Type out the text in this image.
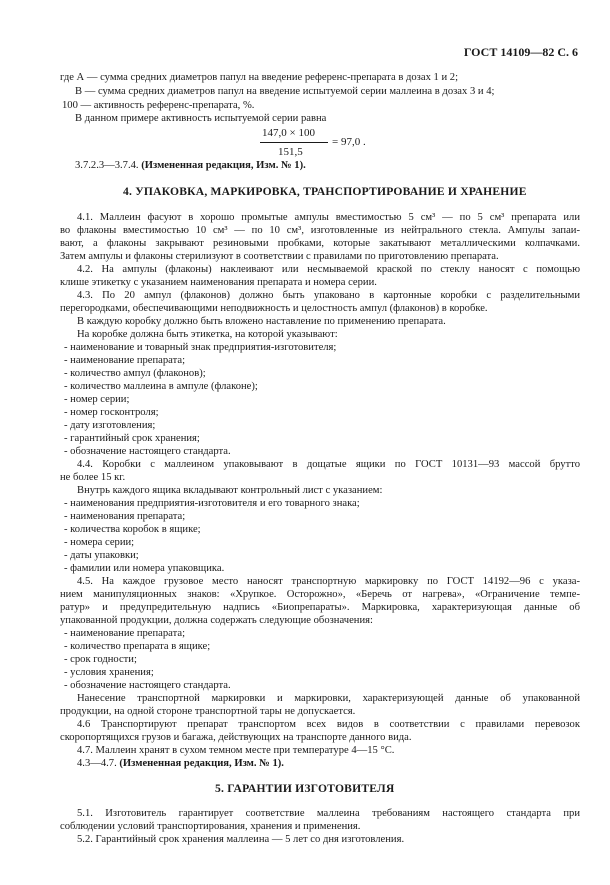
ГОСТ 14109—82 С. 6
где А — сумма средних диаметров папул на введение референс-препарата в дозах 1 и 2;
В — сумма средних диаметров папул на введение испытуемой серии маллеина в дозах 3 и 4;
100 — активность референс-препарата, %.
В данном примере активность испытуемой серии равна
147,0 × 100
151,5
= 97,0 .
3.7.2.3—3.7.4. (Измененная редакция, Изм. № 1).
4. УПАКОВКА, МАРКИРОВКА, ТРАНСПОРТИРОВАНИЕ И ХРАНЕНИЕ
4.1. Маллеин фасуют в хорошо промытые ампулы вместимостью 5 см³ — по 5 см³ препарата или
во флаконы вместимостью 10 см³ — по 10 см³, изготовленные из нейтрального стекла. Ампулы запаи-
вают, а флаконы закрывают резиновыми пробками, которые закатывают металлическими колпачками.
Затем ампулы и флаконы стерилизуют в соответствии с правилами по приготовлению препарата.
4.2. На ампулы (флаконы) наклеивают или несмываемой краской по стеклу наносят с помощью
клише этикетку с указанием наименования препарата и номера серии.
4.3. По 20 ампул (флаконов) должно быть упаковано в картонные коробки с разделительными
перегородками, обеспечивающими неподвижность и целостность ампул (флаконов) в коробке.
В каждую коробку должно быть вложено наставление по применению препарата.
На коробке должна быть этикетка, на которой указывают:
- наименование и товарный знак предприятия-изготовителя;
- наименование препарата;
- количество ампул (флаконов);
- количество маллеина в ампуле (флаконе);
- номер серии;
- номер госконтроля;
- дату изготовления;
- гарантийный срок хранения;
- обозначение настоящего стандарта.
4.4. Коробки с маллеином упаковывают в дощатые ящики по ГОСТ 10131—93 массой брутто
не более 15 кг.
Внутрь каждого ящика вкладывают контрольный лист с указанием:
- наименования предприятия-изготовителя и его товарного знака;
- наименования препарата;
- количества коробок в ящике;
- номера серии;
- даты упаковки;
- фамилии или номера упаковщика.
4.5. На каждое грузовое место наносят транспортную маркировку по ГОСТ 14192—96 с указа-
нием манипуляционных знаков: «Хрупкое. Осторожно», «Беречь от нагрева», «Ограничение темпе-
ратур» и предупредительную надпись «Биопрепараты». Маркировка, характеризующая данные об
упакованной продукции, должна содержать следующие обозначения:
- наименование препарата;
- количество препарата в ящике;
- срок годности;
- условия хранения;
- обозначение настоящего стандарта.
Нанесение транспортной маркировки и маркировки, характеризующей данные об упакованной
продукции, на одной стороне транспортной тары не допускается.
4.6 Транспортируют препарат транспортом всех видов в соответствии с правилами перевозок
скоропортящихся грузов и багажа, действующих на транспорте данного вида.
4.7. Маллеин хранят в сухом темном месте при температуре 4—15 °С.
4.3—4.7. (Измененная редакция, Изм. № 1).
5. ГАРАНТИИ ИЗГОТОВИТЕЛЯ
5.1. Изготовитель гарантирует соответствие маллеина требованиям настоящего стандарта при
соблюдении условий транспортирования, хранения и применения.
5.2. Гарантийный срок хранения маллеина — 5 лет со дня изготовления.
